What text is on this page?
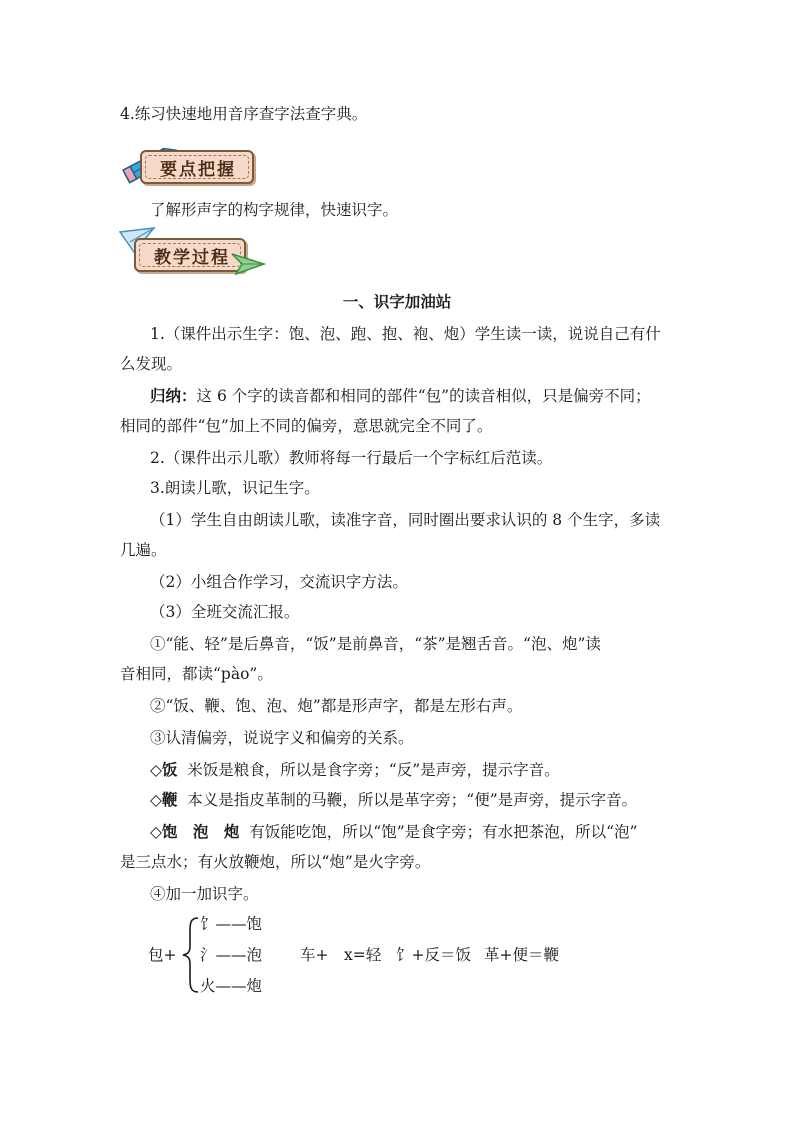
4.练习快速地用音序查字法查字典。
要点把握
了解形声字的构字规律，快速识字。
教学过程
一、识字加油站
1.（课件出示生字：饱、泡、跑、抱、袍、炮）学生读一读，说说自己有什
么发现。
归纳：这 6 个字的读音都和相同的部件“包”的读音相似，只是偏旁不同；
相同的部件“包”加上不同的偏旁，意思就完全不同了。
2.（课件出示儿歌）教师将每一行最后一个字标红后范读。
3.朗读儿歌，识记生字。
（1）学生自由朗读儿歌，读准字音，同时圈出要求认识的 8 个生字，多读
几遍。
（2）小组合作学习，交流识字方法。
（3）全班交流汇报。
①“能、轻”是后鼻音，“饭”是前鼻音，“茶”是翘舌音。“泡、炮”读
音相同，都读“pào”。
②“饭、鞭、饱、泡、炮”都是形声字，都是左形右声。
③认清偏旁，说说字义和偏旁的关系。
◇饭 米饭是粮食，所以是食字旁；“反”是声旁，提示字音。
◇鞭 本义是指皮革制的马鞭，所以是革字旁；“便”是声旁，提示字音。
◇饱　泡　炮 有饭能吃饱，所以“饱”是食字旁；有水把茶泡，所以“泡”
是三点水；有火放鞭炮，所以“炮”是火字旁。
④加一加识字。
包+
饣——饱
氵——泡
火——炮
车+ ⅹ=轻 饣+反＝饭 革+便＝鞭
